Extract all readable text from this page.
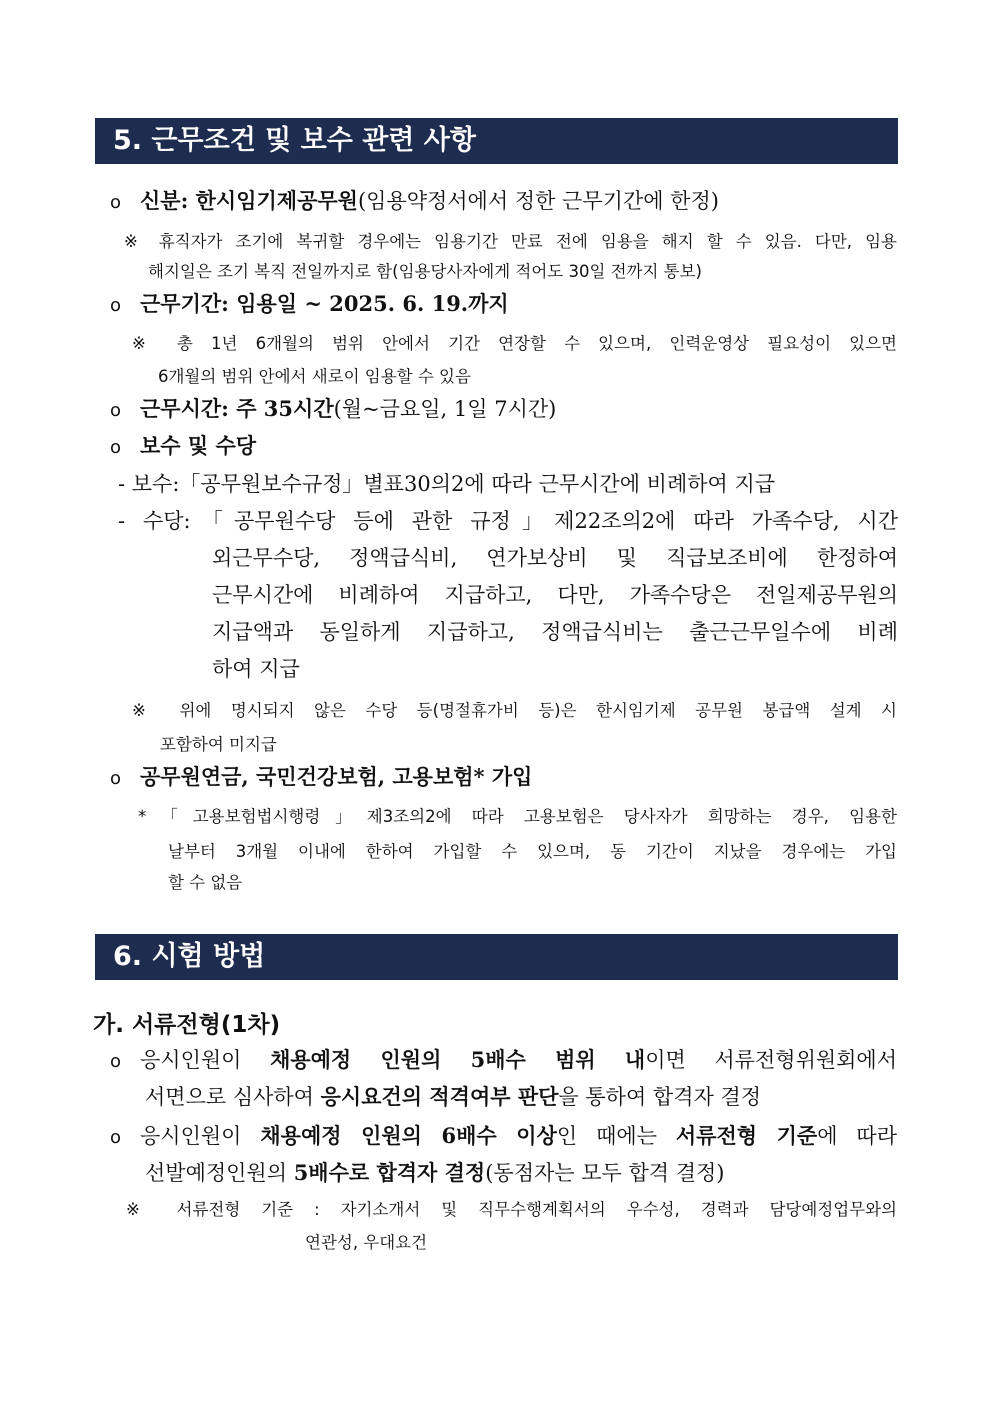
5. 근무조건 및 보수 관련 사항
o 신분: 한시임기제공무원(임용약정서에서 정한 근무기간에 한정)
※ 휴직자가 조기에 복귀할 경우에는 임용기간 만료 전에 임용을 해지 할 수 있음. 다만, 임용
해지일은 조기 복직 전일까지로 함(임용당사자에게 적어도 30일 전까지 통보)
o 근무기간: 임용일 ~ 2025. 6. 19.까지
※ 총 1년 6개월의 범위 안에서 기간 연장할 수 있으며, 인력운영상 필요성이 있으면
6개월의 범위 안에서 새로이 임용할 수 있음
o 근무시간: 주 35시간(월~금요일, 1일 7시간)
o 보수 및 수당
- 보수:「공무원보수규정」별표30의2에 따라 근무시간에 비례하여 지급
- 수당:「공무원수당 등에 관한 규정」제22조의2에 따라 가족수당, 시간
외근무수당, 정액급식비, 연가보상비 및 직급보조비에 한정하여
근무시간에 비례하여 지급하고, 다만, 가족수당은 전일제공무원의
지급액과 동일하게 지급하고, 정액급식비는 출근근무일수에 비례
하여 지급
※ 위에 명시되지 않은 수당 등(명절휴가비 등)은 한시임기제 공무원 봉급액 설계 시
포함하여 미지급
o 공무원연금, 국민건강보험, 고용보험* 가입
*「고용보험법시행령」제3조의2에 따라 고용보험은 당사자가 희망하는 경우, 임용한
날부터 3개월 이내에 한하여 가입할 수 있으며, 동 기간이 지났을 경우에는 가입
할 수 없음
6. 시험 방법
가. 서류전형(1차)
o 응시인원이 채용예정 인원의 5배수 범위 내이면 서류전형위원회에서
서면으로 심사하여 응시요건의 적격여부 판단을 통하여 합격자 결정
o 응시인원이 채용예정 인원의 6배수 이상인 때에는 서류전형 기준에 따라
선발예정인원의 5배수로 합격자 결정(동점자는 모두 합격 결정)
※ 서류전형 기준 : 자기소개서 및 직무수행계획서의 우수성, 경력과 담당예정업무와의
연관성, 우대요건
